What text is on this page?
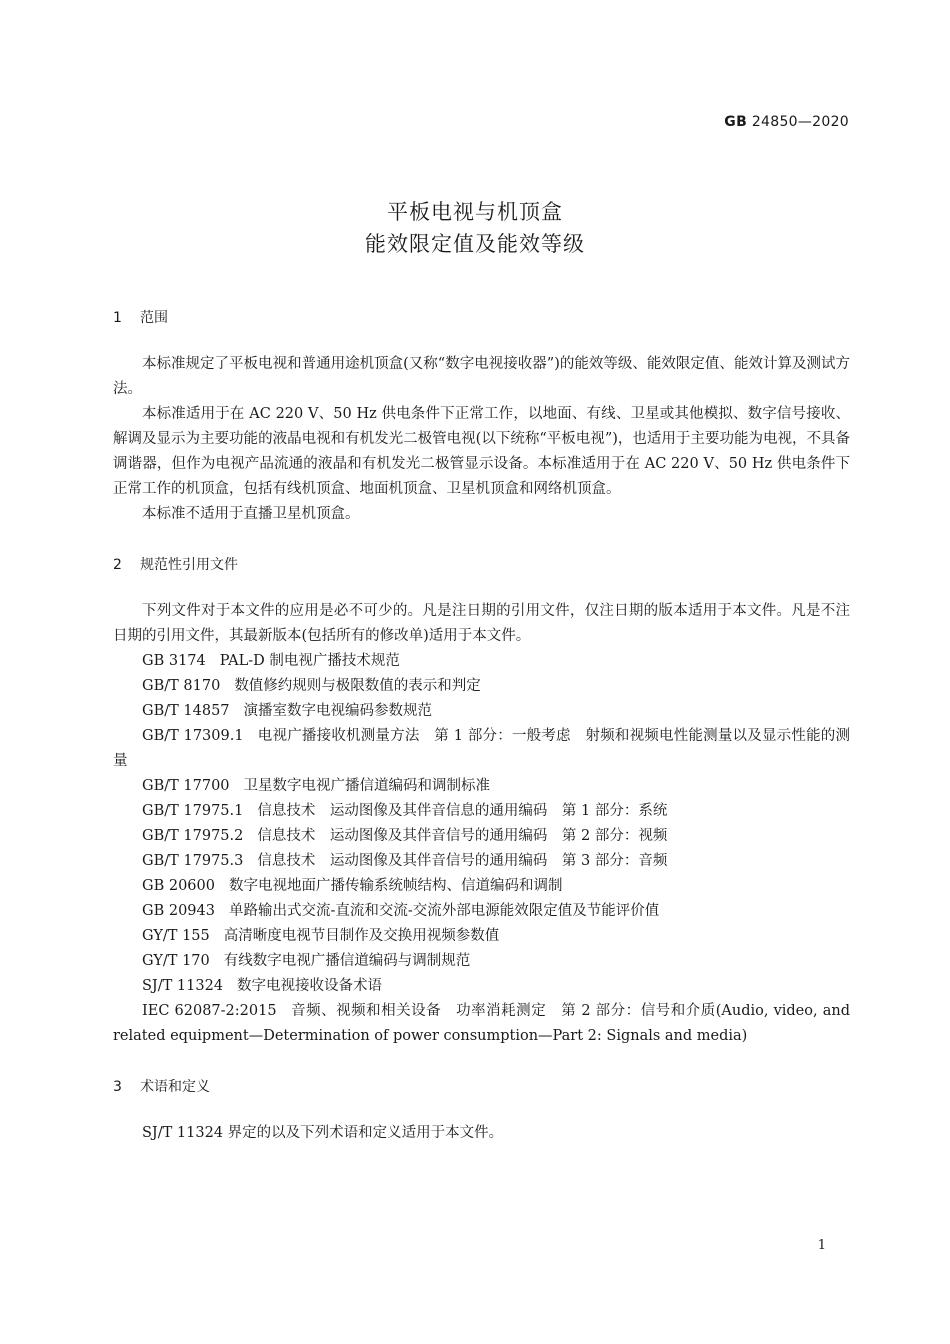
GB 24850—2020
平板电视与机顶盒
能效限定值及能效等级
1 范围

本标准规定了平板电视和普通用途机顶盒(又称“数字电视接收器”)的能效等级、能效限定值、能效计算及测试方法。

本标准适用于在 AC 220 V、50 Hz 供电条件下正常工作，以地面、有线、卫星或其他模拟、数字信号接收、解调及显示为主要功能的液晶电视和有机发光二极管电视(以下统称“平板电视”)，也适用于主要功能为电视，不具备调谐器，但作为电视产品流通的液晶和有机发光二极管显示设备。本标准适用于在 AC 220 V、50 Hz 供电条件下正常工作的机顶盒，包括有线机顶盒、地面机顶盒、卫星机顶盒和网络机顶盒。

本标准不适用于直播卫星机顶盒。

2 规范性引用文件

下列文件对于本文件的应用是必不可少的。凡是注日期的引用文件，仅注日期的版本适用于本文件。凡是不注日期的引用文件，其最新版本(包括所有的修改单)适用于本文件。

GB 3174 PAL-D 制电视广播技术规范

GB/T 8170 数值修约规则与极限数值的表示和判定

GB/T 14857 演播室数字电视编码参数规范

GB/T 17309.1 电视广播接收机测量方法　第 1 部分：一般考虑　射频和视频电性能测量以及显示性能的测量

GB/T 17700 卫星数字电视广播信道编码和调制标准

GB/T 17975.1 信息技术　运动图像及其伴音信息的通用编码　第 1 部分：系统

GB/T 17975.2 信息技术　运动图像及其伴音信号的通用编码　第 2 部分：视频

GB/T 17975.3 信息技术　运动图像及其伴音信号的通用编码　第 3 部分：音频

GB 20600 数字电视地面广播传输系统帧结构、信道编码和调制

GB 20943 单路输出式交流-直流和交流-交流外部电源能效限定值及节能评价值

GY/T 155 高清晰度电视节目制作及交换用视频参数值

GY/T 170 有线数字电视广播信道编码与调制规范

SJ/T 11324 数字电视接收设备术语

IEC 62087-2:2015 音频、视频和相关设备　功率消耗测定　第 2 部分：信号和介质(Audio, video, and related equipment—Determination of power consumption—Part 2: Signals and media)

3 术语和定义

SJ/T 11324 界定的以及下列术语和定义适用于本文件。

1
